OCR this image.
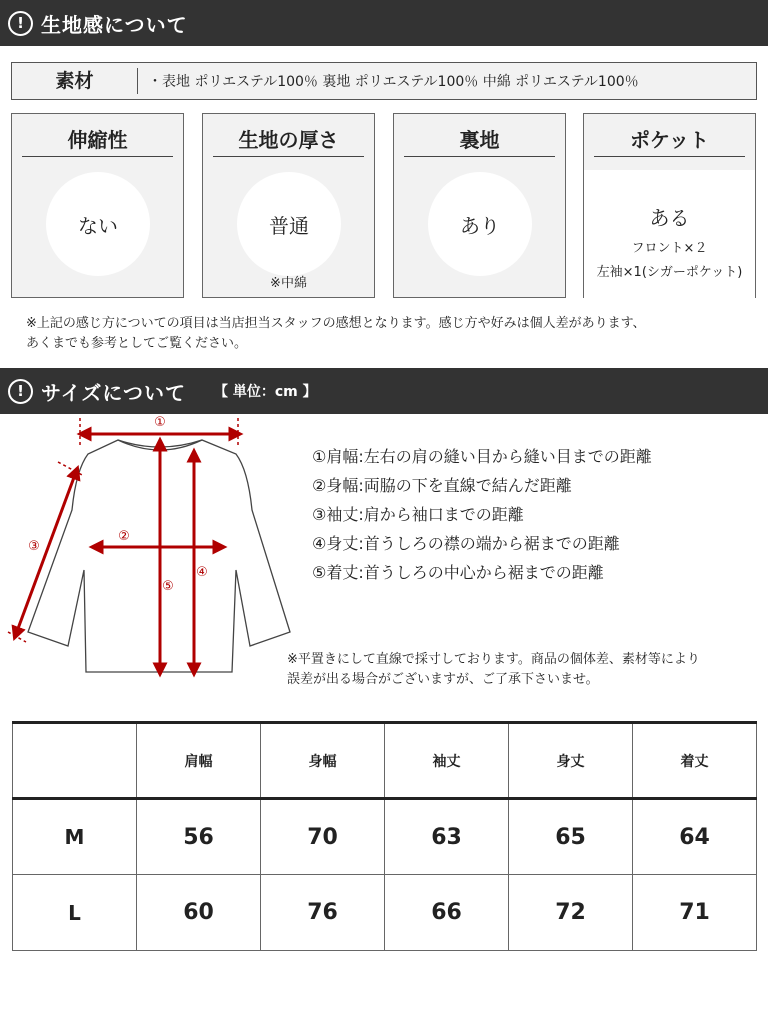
! 生地感について
素材	・表地 ポリエステル100％ 裏地 ポリエステル100％ 中綿 ポリエステル100％
伸縮性
ない
生地の厚さ
普通
※中綿
裏地
あり
ポケット
ある
フロント×２
左袖×1(シガーポケット)
※上記の感じ方についての項目は当店担当スタッフの感想となります。感じ方や好みは個人差があります、
あくまでも参考としてご覧ください。
! サイズについて 【 単位：cm 】
①
②
③
④
⑤
①肩幅 :左右の肩の縫い目から縫い目までの距離
②身幅 :両脇の下を直線で結んだ距離
③袖丈 :肩から袖口までの距離
④身丈 :首うしろの襟の端から裾までの距離
⑤着丈 :首うしろの中心から裾までの距離
※平置きにして直線で採寸しております。商品の個体差、素材等により
誤差が出る場合がございますが、ご了承下さいませ。
	肩幅	身幅	袖丈	身丈	着丈
M	56	70	63	65	64
L	60	76	66	72	71
